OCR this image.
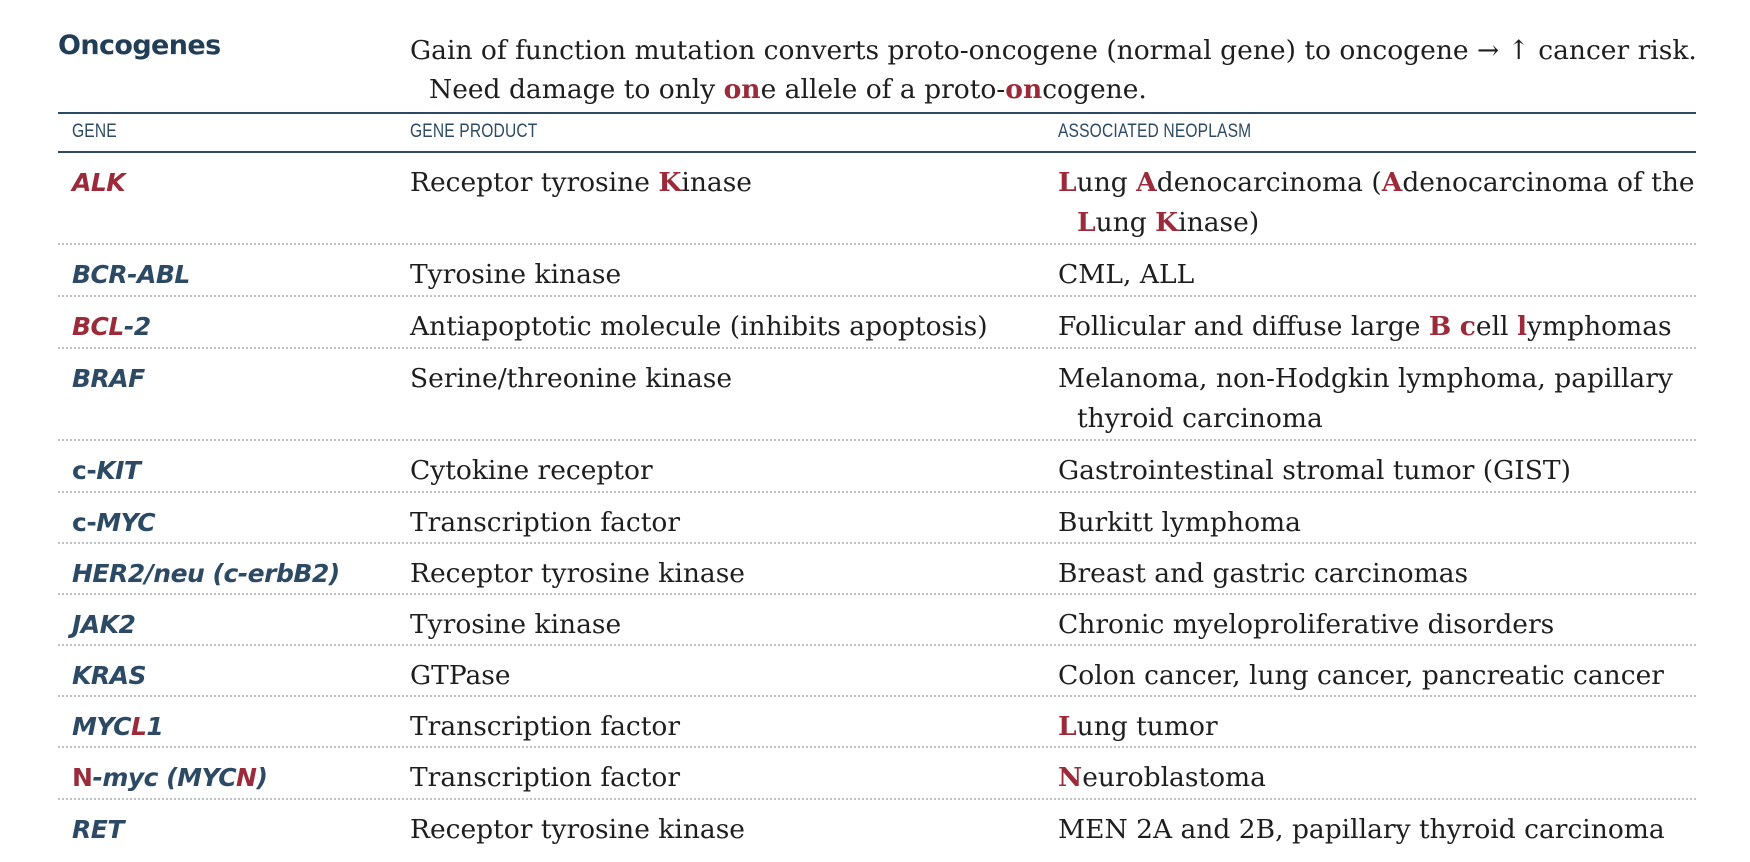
Oncogenes	Gain of function mutation converts proto-oncogene (normal gene) to oncogene → ↑ cancer risk.
Need damage to only one allele of a proto-oncogene.
GENE	GENE PRODUCT	ASSOCIATED NEOPLASM
ALK	Receptor tyrosine Kinase	Lung Adenocarcinoma (Adenocarcinoma of the
Lung Kinase)
BCR-ABL	Tyrosine kinase	CML, ALL
BCL-2	Antiapoptotic molecule (inhibits apoptosis)	Follicular and diffuse large B cell lymphomas
BRAF	Serine/threonine kinase	Melanoma, non-Hodgkin lymphoma, papillary
thyroid carcinoma
c-KIT	Cytokine receptor	Gastrointestinal stromal tumor (GIST)
c-MYC	Transcription factor	Burkitt lymphoma
HER2/neu (c-erbB2)	Receptor tyrosine kinase	Breast and gastric carcinomas
JAK2	Tyrosine kinase	Chronic myeloproliferative disorders
KRAS	GTPase	Colon cancer, lung cancer, pancreatic cancer
MYCL1	Transcription factor	Lung tumor
N-myc (MYCN)	Transcription factor	Neuroblastoma
RET	Receptor tyrosine kinase	MEN 2A and 2B, papillary thyroid carcinoma
